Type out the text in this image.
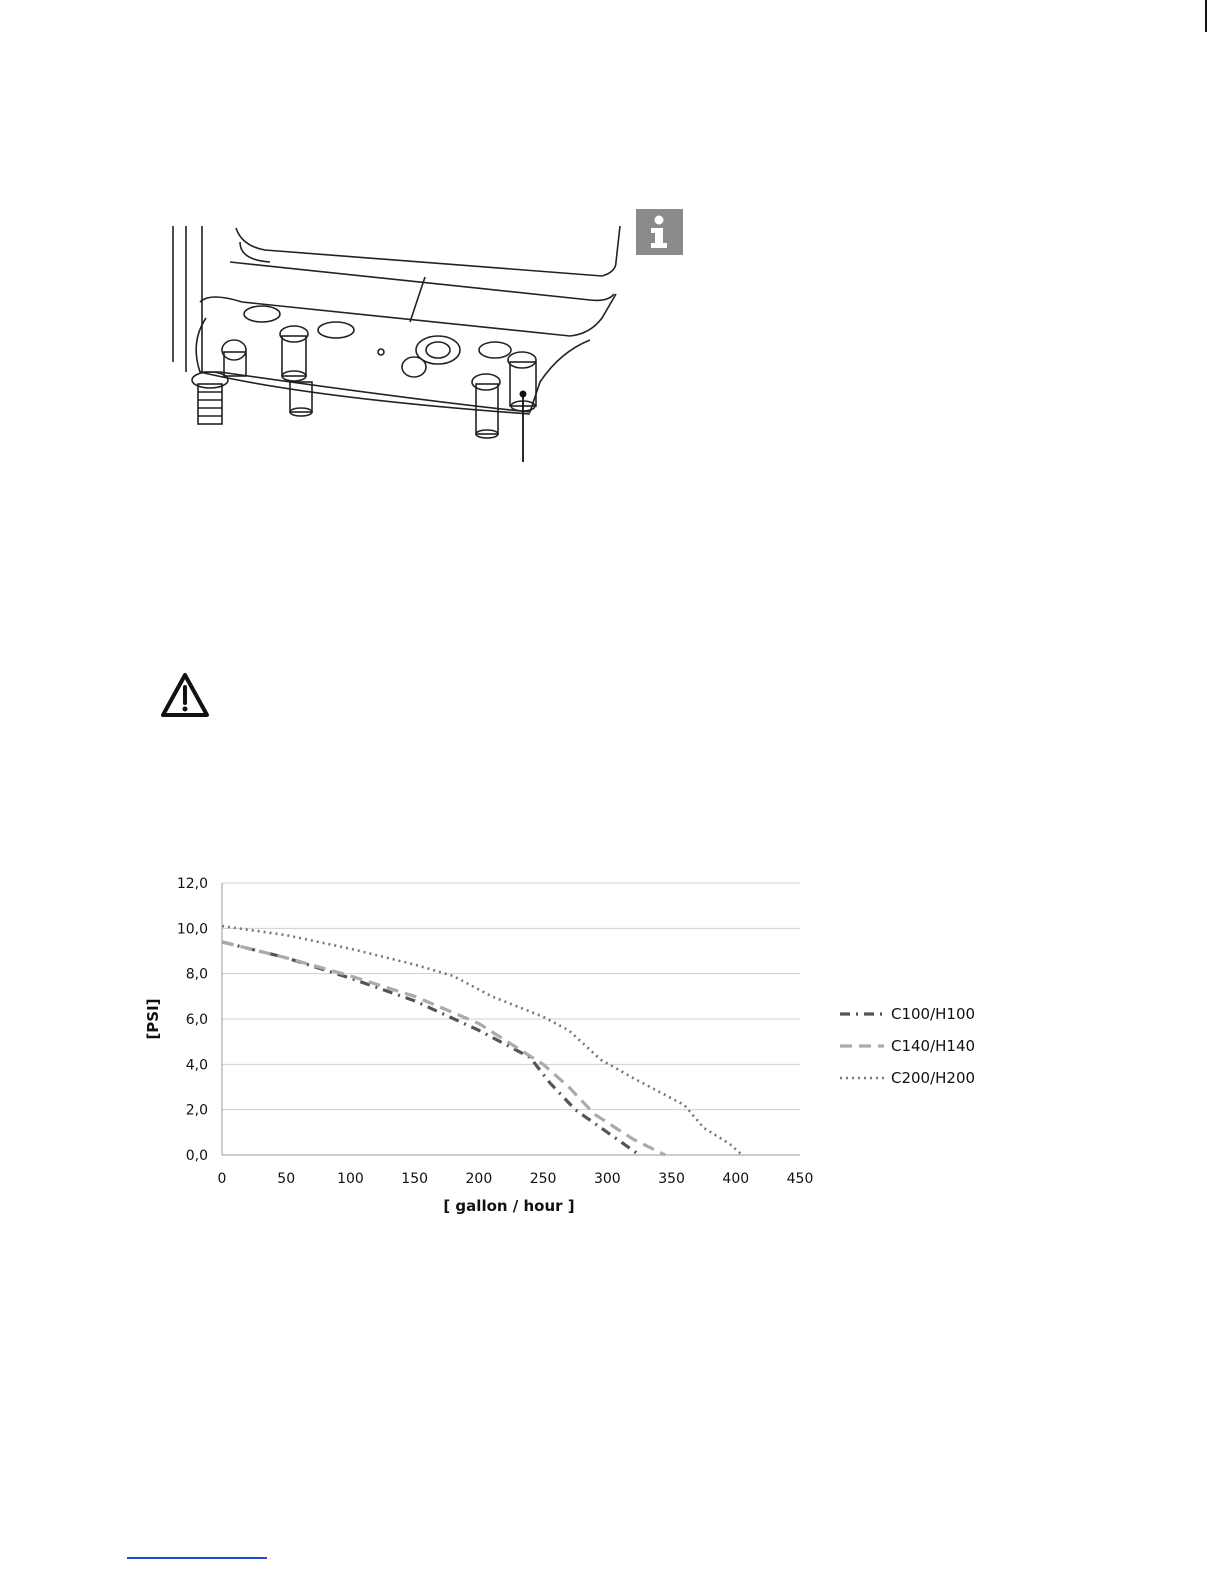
0,0
2,0
4,0
6,0
8,0
10,0
12,0
0	50	100	150	200	250	300	350	400	450
C100/H100
C140/H140
C200/H200
[ gallon / hour ]
[PSI]
